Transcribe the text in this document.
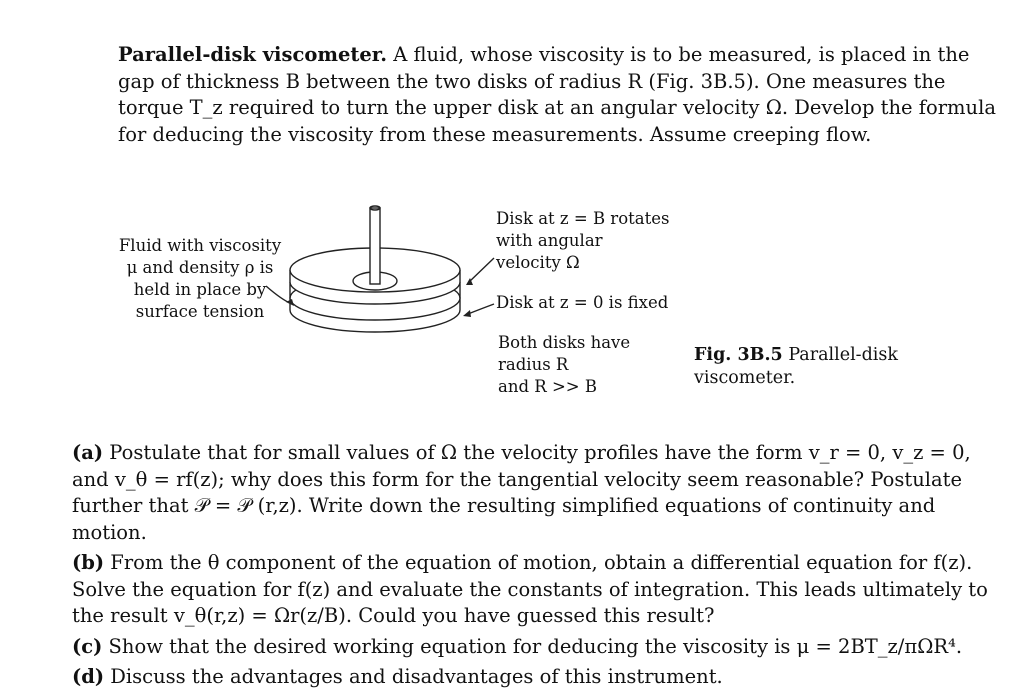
Parallel-disk viscometer. A fluid, whose viscosity is to be measured, is placed in the gap of thickness B between the two disks of radius R (Fig. 3B.5). One measures the torque T_z required to turn the upper disk at an angular velocity Ω. Develop the formula for deducing the viscosity from these measurements. Assume creeping flow.

Fluid with viscosity
μ and density ρ is
held in place by
surface tension
Disk at z = B rotates
with angular
velocity Ω
Disk at z = 0 is fixed
Both disks have
radius R
and R >> B
Fig. 3B.5 Parallel-disk
viscometer.

(a) Postulate that for small values of Ω the velocity profiles have the form v_r = 0, v_z = 0, and v_θ = rf(z); why does this form for the tangential velocity seem reasonable? Postulate further that 𝒫 = 𝒫 (r,z). Write down the resulting simplified equations of continuity and motion.

(b) From the θ component of the equation of motion, obtain a differential equation for f(z). Solve the equation for f(z) and evaluate the constants of integration. This leads ultimately to the result v_θ(r,z) = Ωr(z/B). Could you have guessed this result?

(c) Show that the desired working equation for deducing the viscosity is μ = 2BT_z/πΩR⁴.

(d) Discuss the advantages and disadvantages of this instrument.
